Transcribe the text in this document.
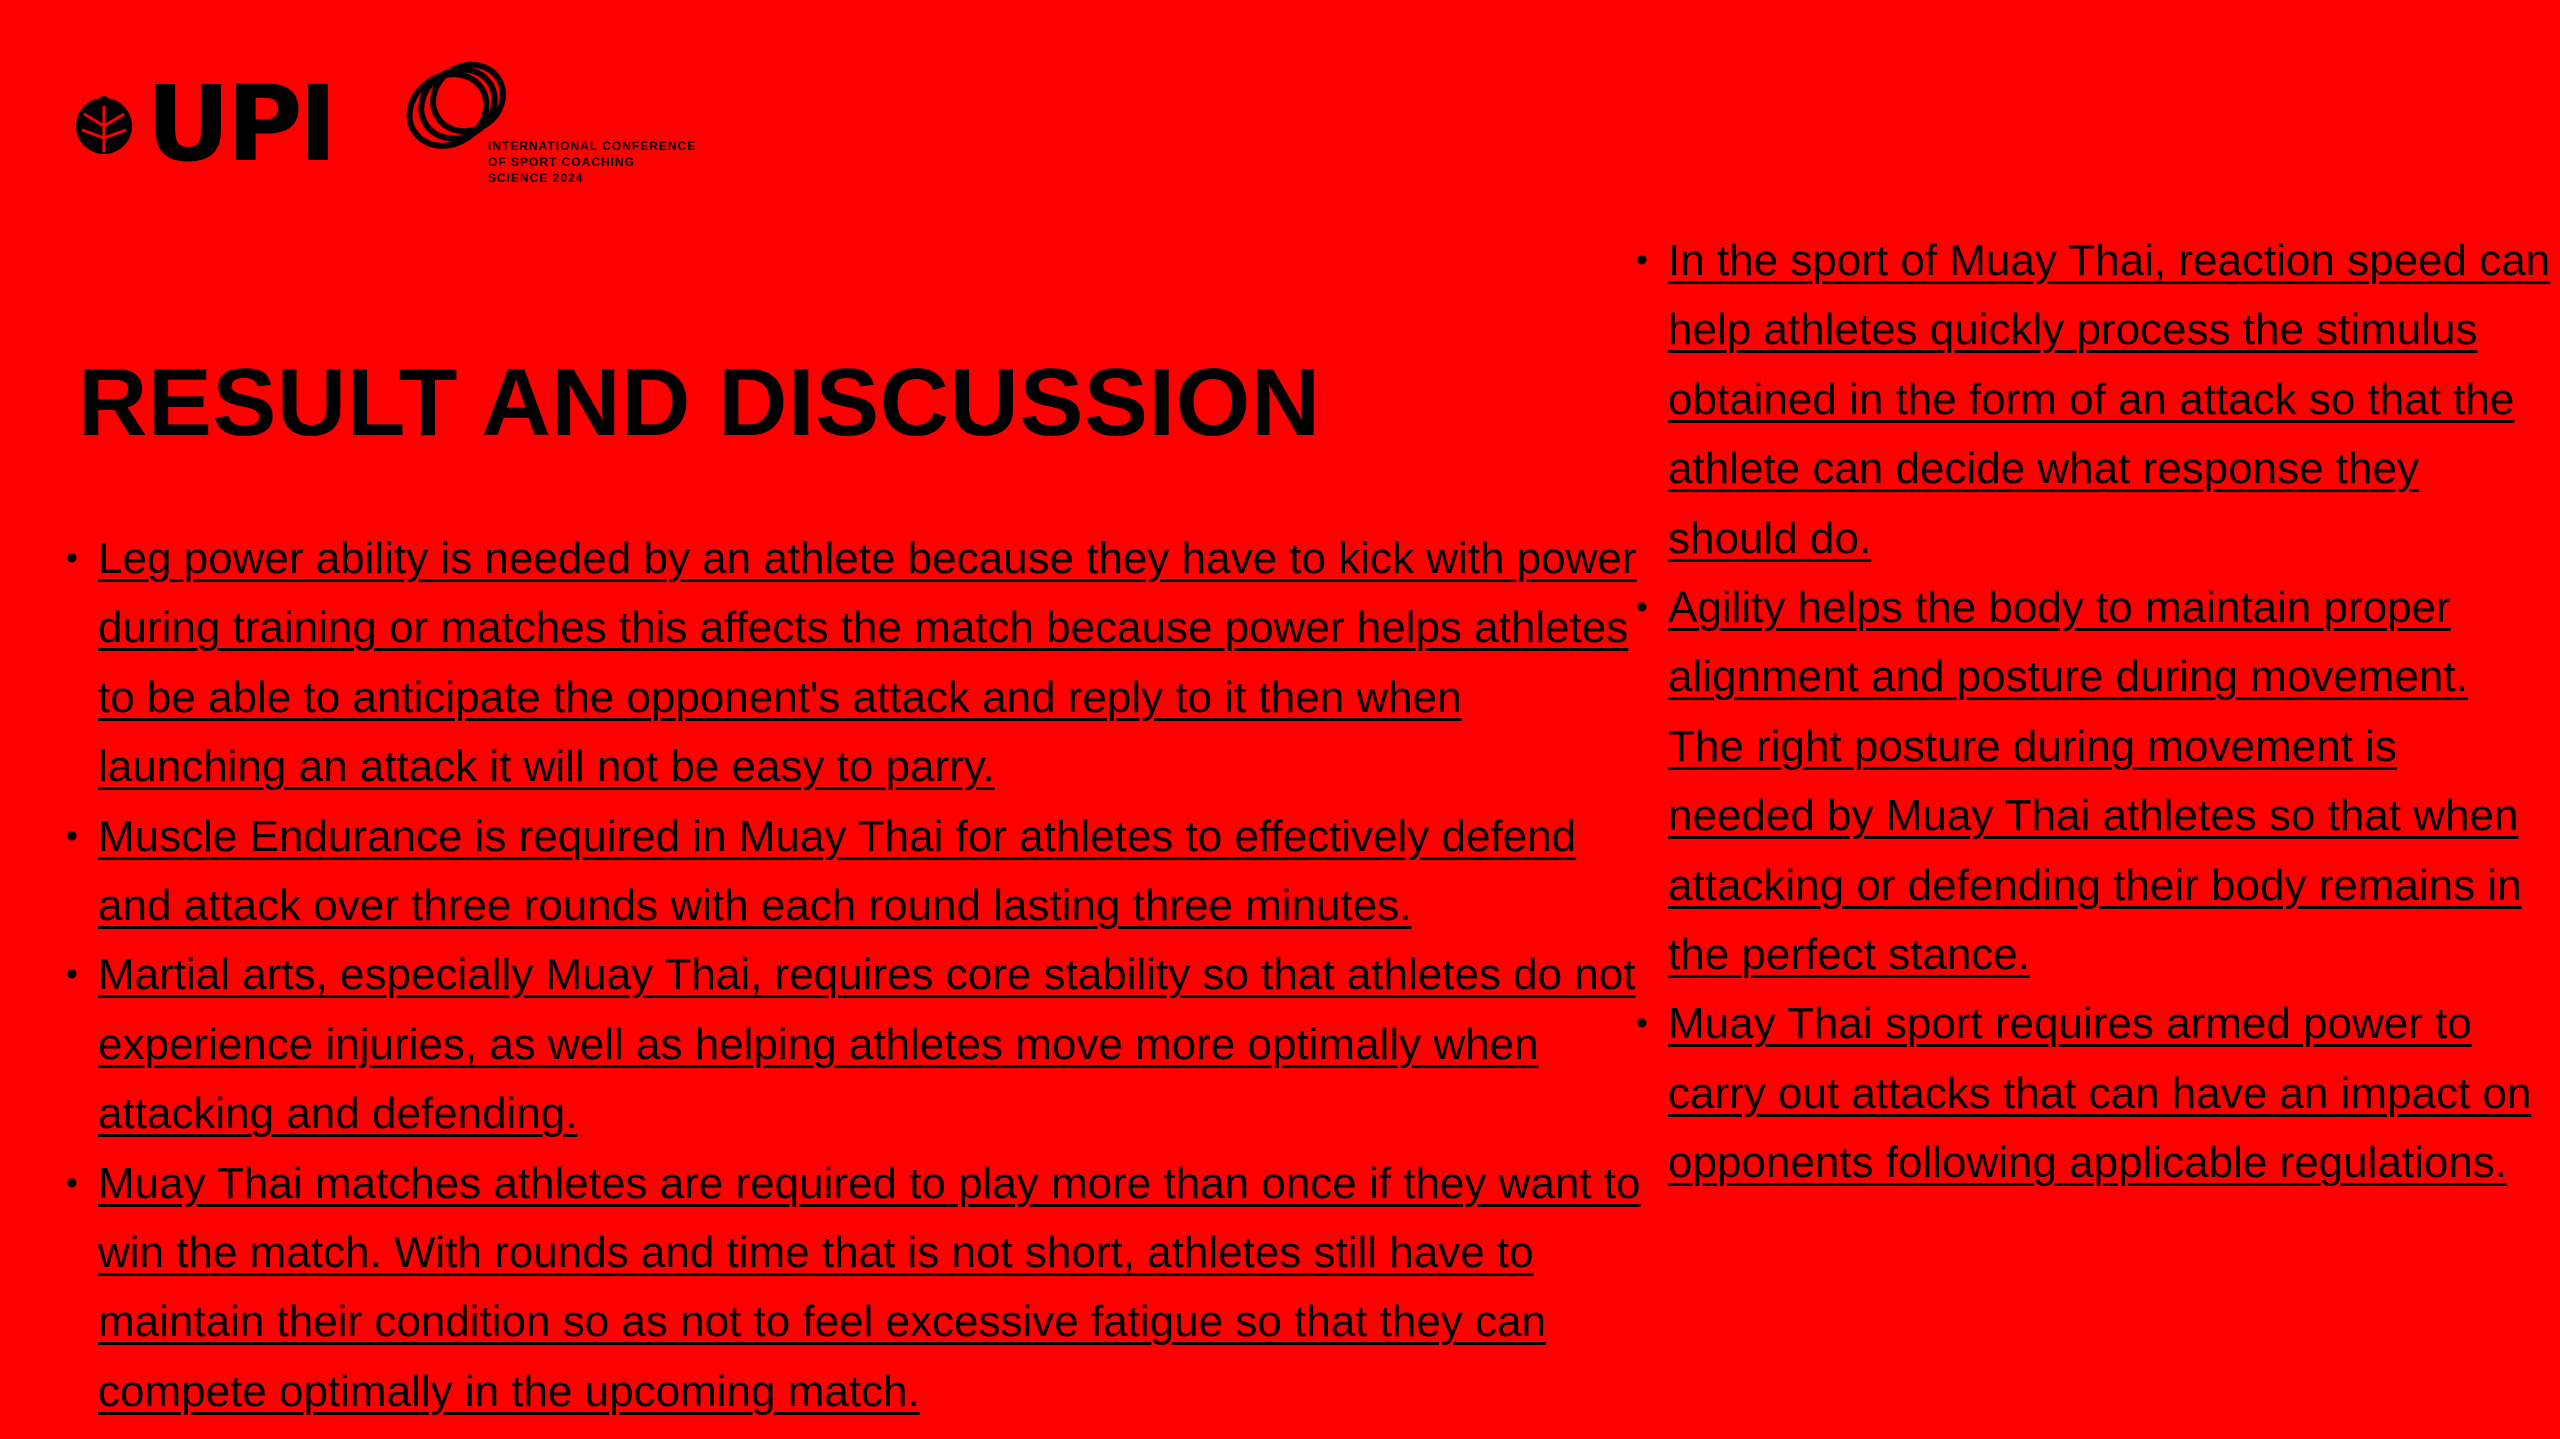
UPI	INTERNATIONAL CONFERENCE
OF SPORT COACHING
SCIENCE 2024
RESULT AND DISCUSSION
• Leg power ability is needed by an athlete because they have to kick with power during training or matches this affects the match because power helps athletes to be able to anticipate the opponent's attack and reply to it then when launching an attack it will not be easy to parry.
• Muscle Endurance is required in Muay Thai for athletes to effectively defend and attack over three rounds with each round lasting three minutes.
• Martial arts, especially Muay Thai, requires core stability so that athletes do not experience injuries, as well as helping athletes move more optimally when attacking and defending.
• Muay Thai matches athletes are required to play more than once if they want to win the match. With rounds and time that is not short, athletes still have to maintain their condition so as not to feel excessive fatigue so that they can compete optimally in the upcoming match.
• In the sport of Muay Thai, reaction speed can help athletes quickly process the stimulus obtained in the form of an attack so that the athlete can decide what response they should do.
• Agility helps the body to maintain proper alignment and posture during movement. The right posture during movement is needed by Muay Thai athletes so that when attacking or defending their body remains in the perfect stance.
• Muay Thai sport requires armed power to carry out attacks that can have an impact on opponents following applicable regulations.
